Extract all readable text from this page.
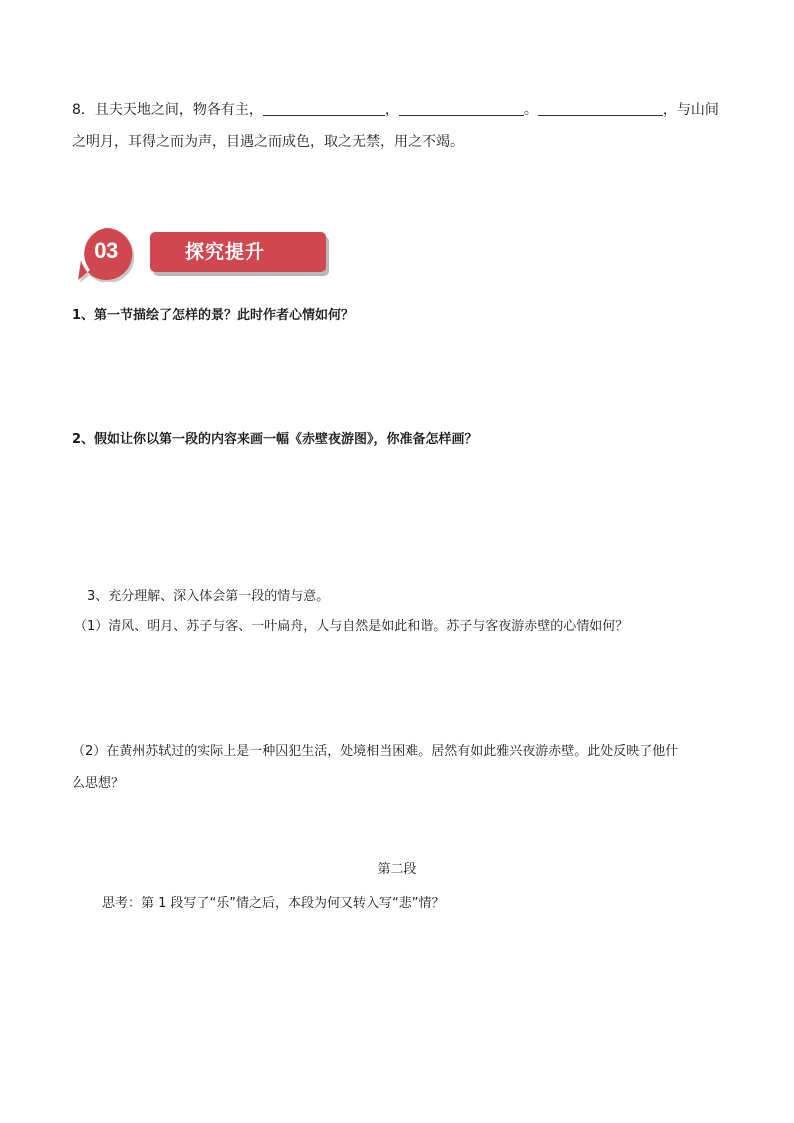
8．且夫天地之间，物各有主，	，	。	，与山间
之明月，耳得之而为声，目遇之而成色，取之无禁，用之不竭。
03	探究提升
1、第一节描绘了怎样的景？此时作者心情如何？
2、假如让你以第一段的内容来画一幅《赤壁夜游图》，你准备怎样画？
3、充分理解、深入体会第一段的情与意。
（1）清风、明月、苏子与客、一叶扁舟，人与自然是如此和谐。苏子与客夜游赤壁的心情如何？
（2）在黄州苏轼过的实际上是一种囚犯生活，处境相当困难。居然有如此雅兴夜游赤壁。此处反映了他什
么思想？
第二段
思考：第 1 段写了“乐”情之后，本段为何又转入写“悲”情？
